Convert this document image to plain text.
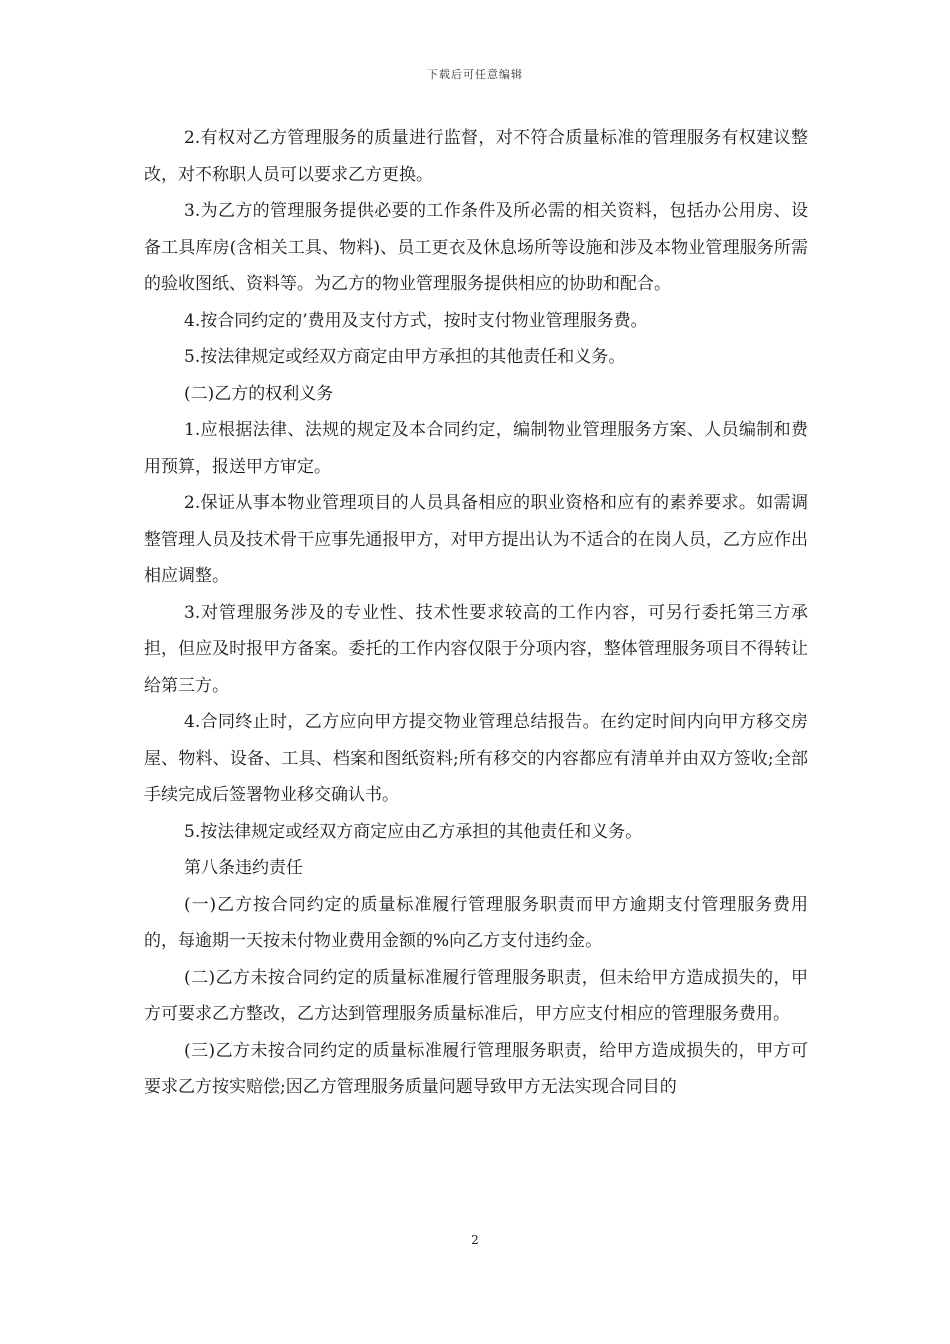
下载后可任意编辑

2.有权对乙方管理服务的质量进行监督，对不符合质量标准的管理服务有权建议整改，对不称职人员可以要求乙方更换。

3.为乙方的管理服务提供必要的工作条件及所必需的相关资料，包括办公用房、设备工具库房(含相关工具、物料)、员工更衣及休息场所等设施和涉及本物业管理服务所需的验收图纸、资料等。为乙方的物业管理服务提供相应的协助和配合。

4.按合同约定的’费用及支付方式，按时支付物业管理服务费。

5.按法律规定或经双方商定由甲方承担的其他责任和义务。

(二)乙方的权利义务

1.应根据法律、法规的规定及本合同约定，编制物业管理服务方案、人员编制和费用预算，报送甲方审定。

2.保证从事本物业管理项目的人员具备相应的职业资格和应有的素养要求。如需调整管理人员及技术骨干应事先通报甲方，对甲方提出认为不适合的在岗人员，乙方应作出相应调整。

3.对管理服务涉及的专业性、技术性要求较高的工作内容，可另行委托第三方承担，但应及时报甲方备案。委托的工作内容仅限于分项内容，整体管理服务项目不得转让给第三方。

4.合同终止时，乙方应向甲方提交物业管理总结报告。在约定时间内向甲方移交房屋、物料、设备、工具、档案和图纸资料;所有移交的内容都应有清单并由双方签收;全部手续完成后签署物业移交确认书。

5.按法律规定或经双方商定应由乙方承担的其他责任和义务。

第八条违约责任

(一)乙方按合同约定的质量标准履行管理服务职责而甲方逾期支付管理服务费用的，每逾期一天按未付物业费用金额的%向乙方支付违约金。

(二)乙方未按合同约定的质量标准履行管理服务职责，但未给甲方造成损失的，甲方可要求乙方整改，乙方达到管理服务质量标准后，甲方应支付相应的管理服务费用。

(三)乙方未按合同约定的质量标准履行管理服务职责，给甲方造成损失的，甲方可要求乙方按实赔偿;因乙方管理服务质量问题导致甲方无法实现合同目的

2
